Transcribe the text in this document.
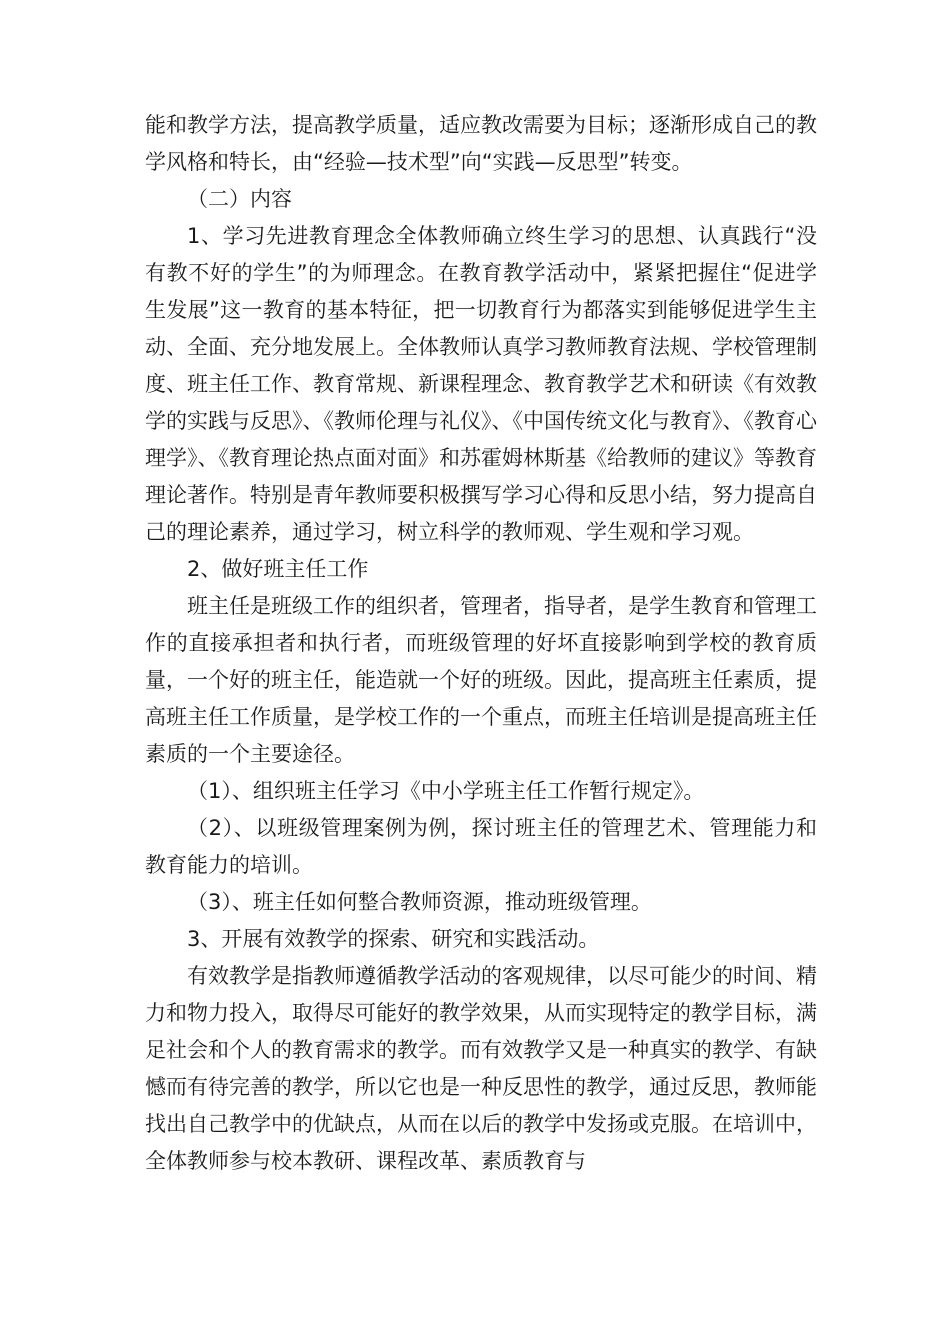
能和教学方法，提高教学质量，适应教改需要为目标；逐渐形成自己的教学风格和特长，由“经验—技术型”向“实践—反思型”转变。

（二）内容

1、学习先进教育理念全体教师确立终生学习的思想、认真践行“没有教不好的学生”的为师理念。在教育教学活动中，紧紧把握住“促进学生发展”这一教育的基本特征，把一切教育行为都落实到能够促进学生主动、全面、充分地发展上。全体教师认真学习教师教育法规、学校管理制度、班主任工作、教育常规、新课程理念、教育教学艺术和研读《有效教学的实践与反思》、《教师伦理与礼仪》、《中国传统文化与教育》、《教育心理学》、《教育理论热点面对面》和苏霍姆林斯基《给教师的建议》等教育理论著作。特别是青年教师要积极撰写学习心得和反思小结，努力提高自己的理论素养，通过学习，树立科学的教师观、学生观和学习观。

2、做好班主任工作

班主任是班级工作的组织者，管理者，指导者，是学生教育和管理工作的直接承担者和执行者，而班级管理的好坏直接影响到学校的教育质量，一个好的班主任，能造就一个好的班级。因此，提高班主任素质，提高班主任工作质量，是学校工作的一个重点，而班主任培训是提高班主任素质的一个主要途径。

（1）、组织班主任学习《中小学班主任工作暂行规定》。

（2）、以班级管理案例为例，探讨班主任的管理艺术、管理能力和教育能力的培训。

（3）、班主任如何整合教师资源，推动班级管理。

3、开展有效教学的探索、研究和实践活动。

有效教学是指教师遵循教学活动的客观规律，以尽可能少的时间、精力和物力投入，取得尽可能好的教学效果，从而实现特定的教学目标，满足社会和个人的教育需求的教学。而有效教学又是一种真实的教学、有缺憾而有待完善的教学，所以它也是一种反思性的教学，通过反思，教师能找出自己教学中的优缺点，从而在以后的教学中发扬或克服。在培训中，全体教师参与校本教研、课程改革、素质教育与
